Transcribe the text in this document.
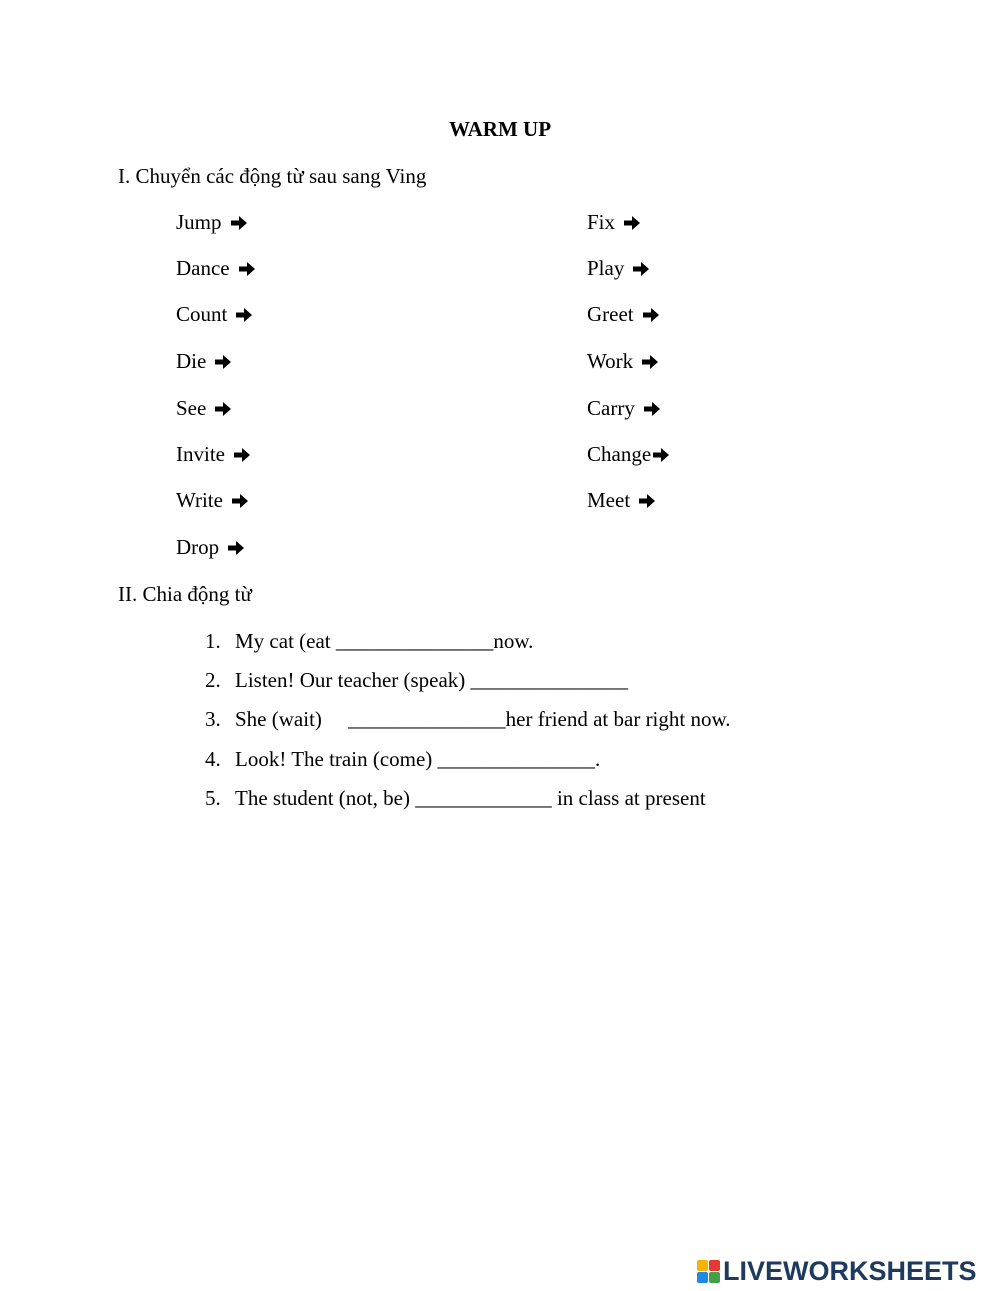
WARM UP
I. Chuyển các động từ sau sang Ving
Jump
Dance
Count
Die
See
Invite
Write
Drop
Fix
Play
Greet
Work
Carry
Change
Meet
II. Chia động từ
1. My cat (eat _______________now.
2. Listen! Our teacher (speak) _______________
3. She (wait)     _______________her friend at bar right now.
4. Look! The train (come) _______________.
5. The student (not, be) _____________ in class at present
LIVEWORKSHEETS
